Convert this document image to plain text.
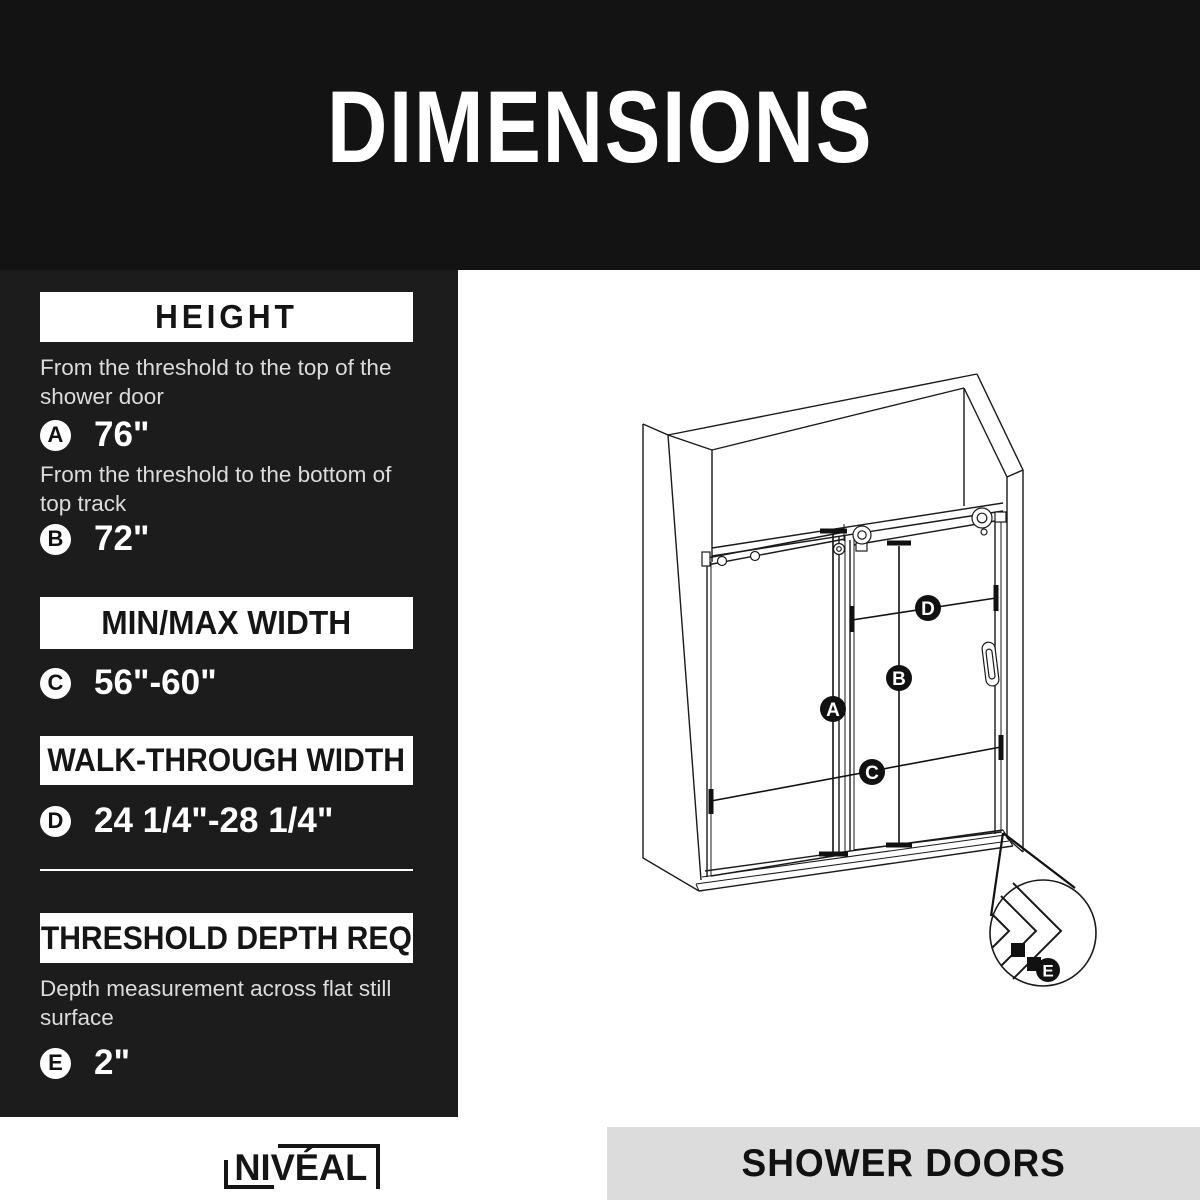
DIMENSIONS
HEIGHT
From the threshold to the top of the shower door
A 76"
From the threshold to the bottom of top track
B 72"
MIN/MAX WIDTH
C 56"-60"
WALK-THROUGH WIDTH
D 24 1/4"-28 1/4"
THRESHOLD DEPTH REQ
Depth measurement across flat still surface
E 2"
A
B
C
D
E
NIVÉAL	SHOWER DOORS
